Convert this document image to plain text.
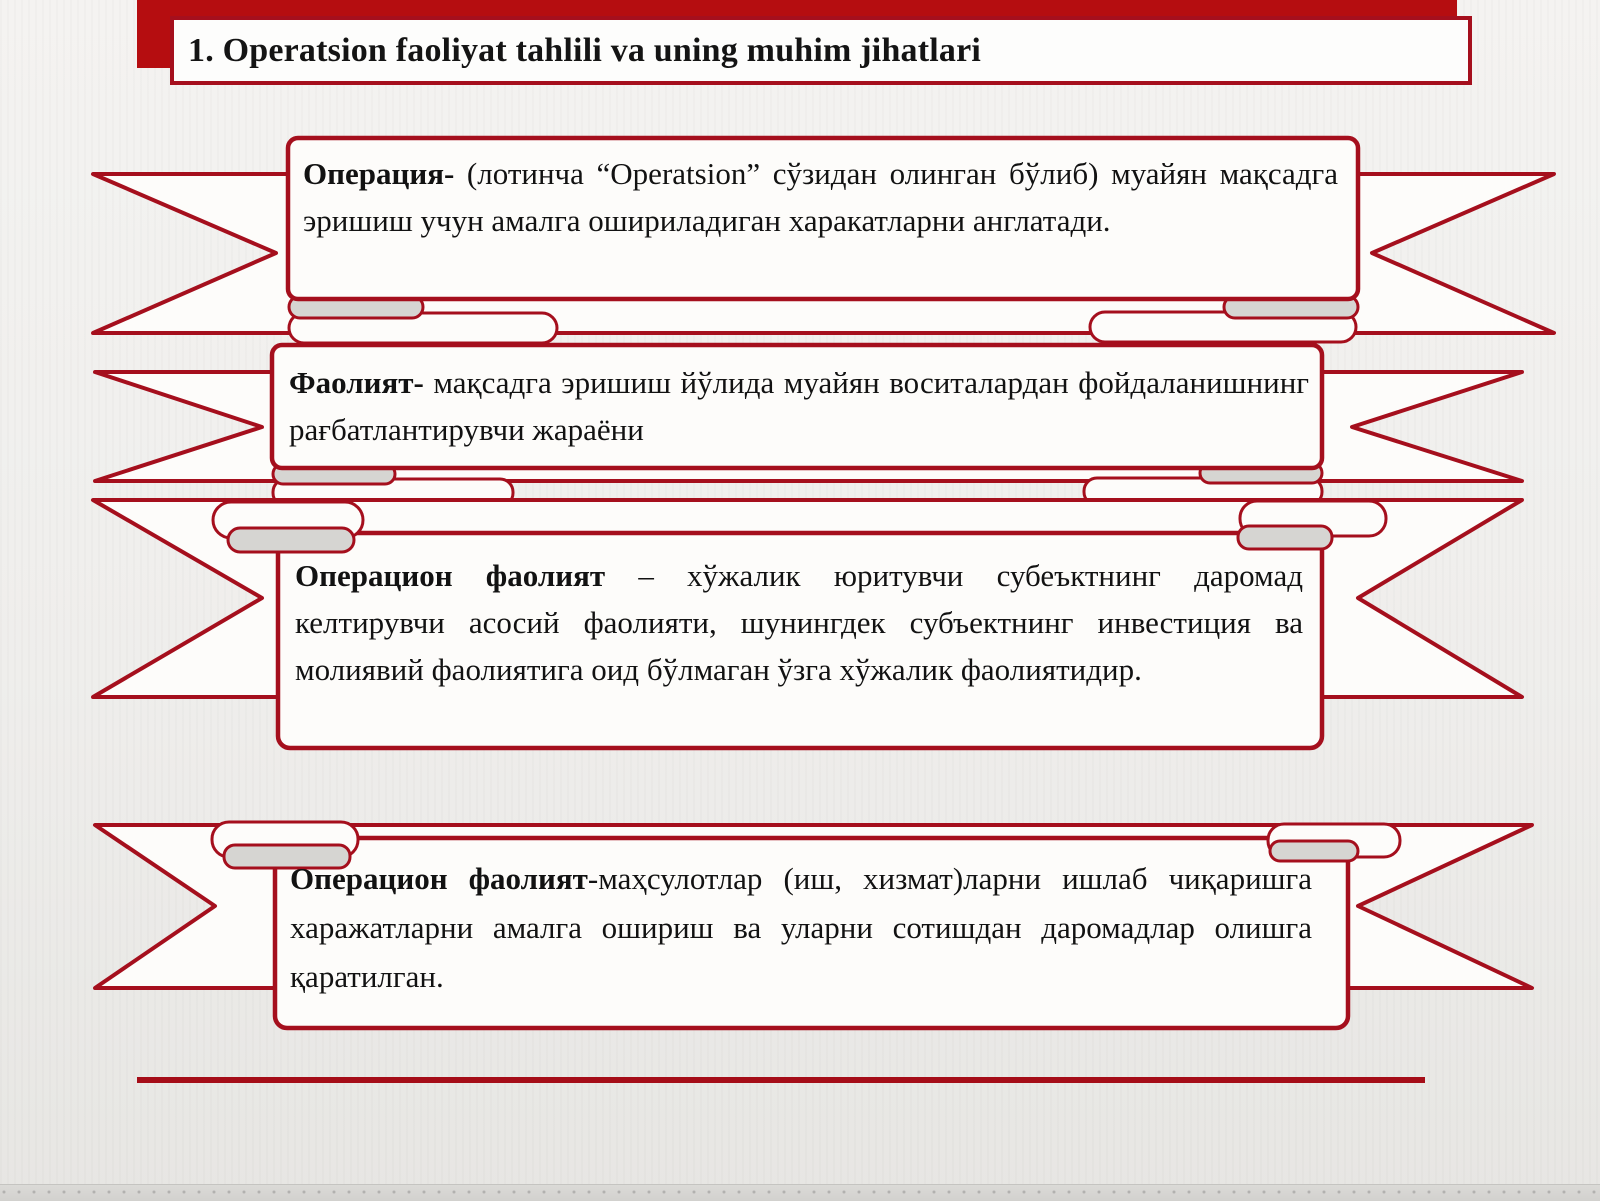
1. Operatsion faoliyat tahlili va uning muhim jihatlari
Операция- (лотинча “Operatsion” сўзидан олинган бўлиб) муайян мақсадга эришиш учун амалга ошириладиган харакатларни англатади.
Фаолият- мақсадга эришиш йўлида муайян воситалардан фойдаланишнинг рағбатлантирувчи жараёни
Операцион фаолият – хўжалик юритувчи субеъктнинг даромад келтирувчи асосий фаолияти, шунингдек субъектнинг инвестиция ва молиявий фаолиятига оид бўлмаган ўзга хўжалик фаолиятидир.
Операцион фаолият-маҳсулотлар (иш, хизмат)ларни ишлаб чиқаришга харажатларни амалга ошириш ва уларни сотишдан даромадлар олишга қаратилган.
